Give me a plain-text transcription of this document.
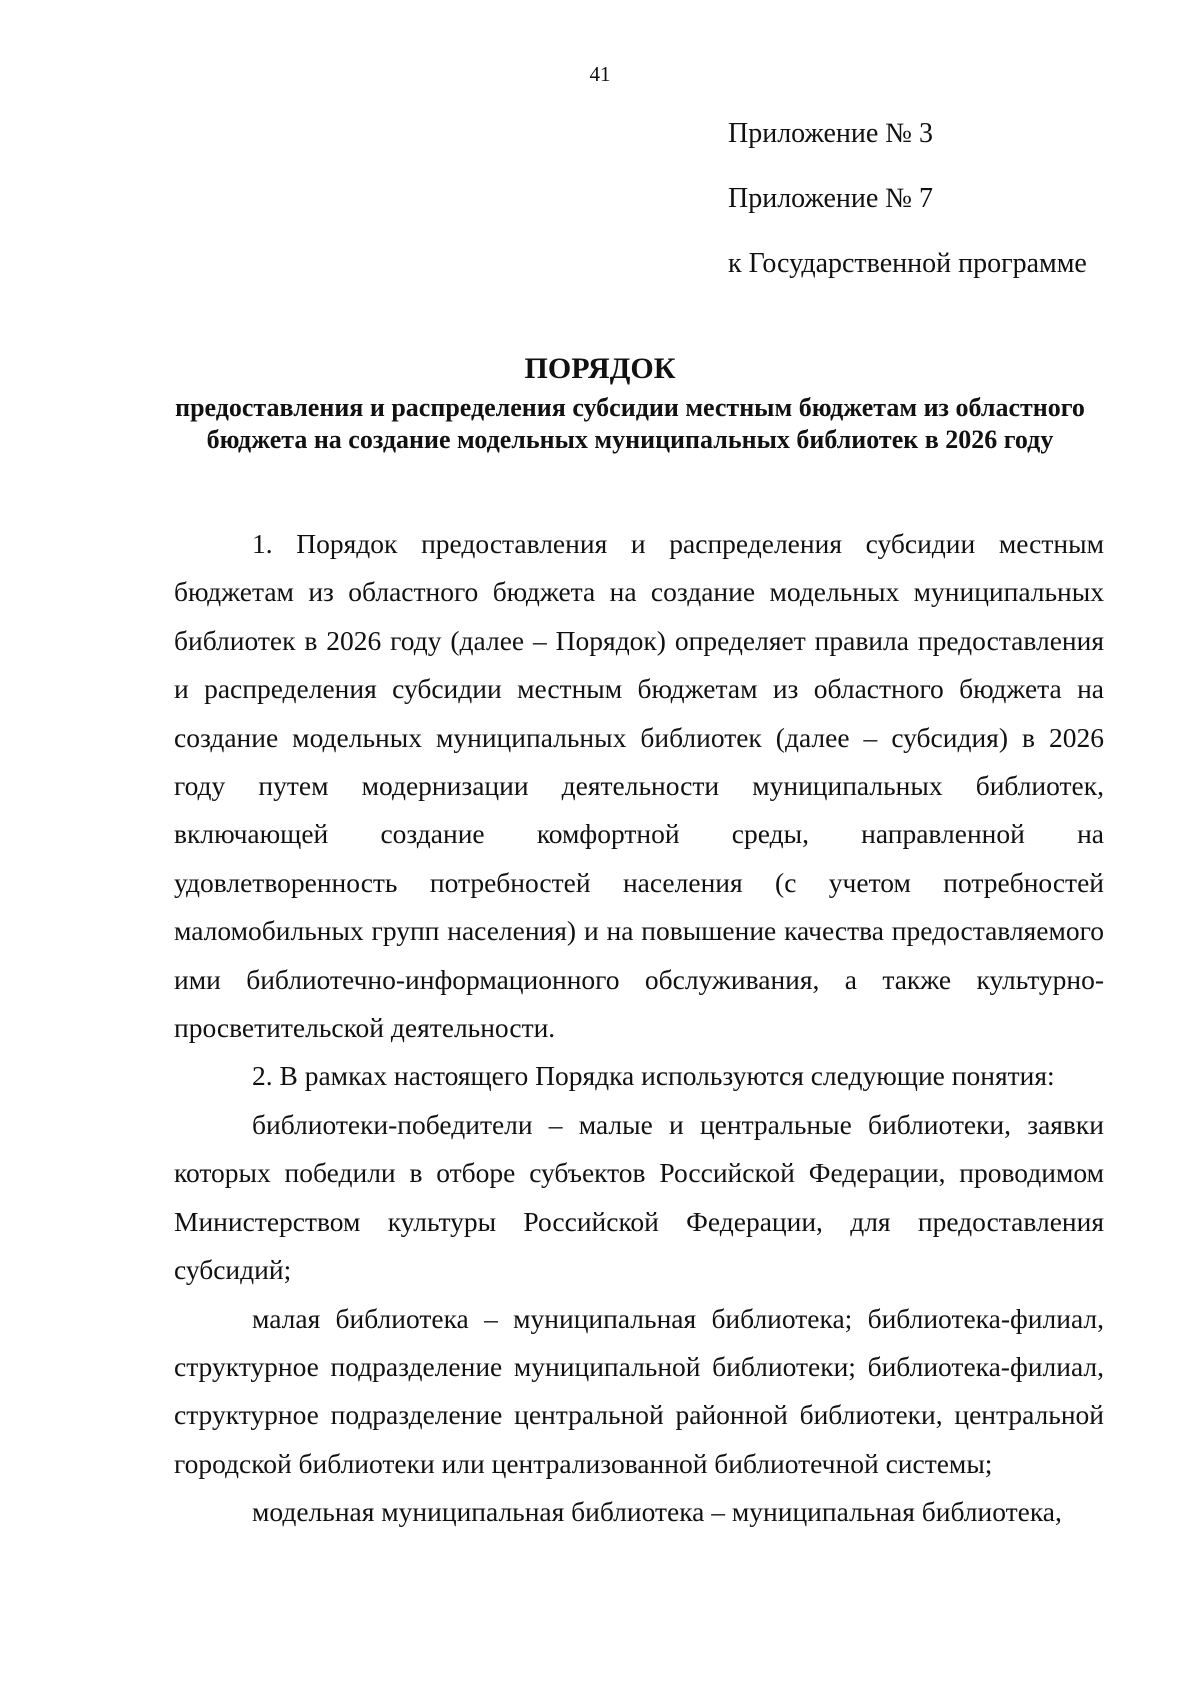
41
Приложение № 3
Приложение № 7
к Государственной программе
ПОРЯДОК
предоставления и распределения субсидии местным бюджетам из областного бюджета на создание модельных муниципальных библиотек в 2026 году

1. Порядок предоставления и распределения субсидии местным бюджетам из областного бюджета на создание модельных муниципальных библиотек в 2026 году (далее – Порядок) определяет правила предоставления и распределения субсидии местным бюджетам из областного бюджета на создание модельных муниципальных библиотек (далее – субсидия) в 2026 году путем модернизации деятельности муниципальных библиотек, включающей создание комфортной среды, направленной на удовлетворенность потребностей населения (с учетом потребностей маломобильных групп населения) и на повышение качества предоставляемого ими библиотечно-информационного обслуживания, а также культурно-просветительской деятельности.

2. В рамках настоящего Порядка используются следующие понятия:

библиотеки-победители – малые и центральные библиотеки, заявки которых победили в отборе субъектов Российской Федерации, проводимом Министерством культуры Российской Федерации, для предоставления субсидий;

малая библиотека – муниципальная библиотека; библиотека-филиал, структурное подразделение муниципальной библиотеки; библиотека-филиал, структурное подразделение центральной районной библиотеки, центральной городской библиотеки или централизованной библиотечной системы;

модельная муниципальная библиотека – муниципальная библиотека,
